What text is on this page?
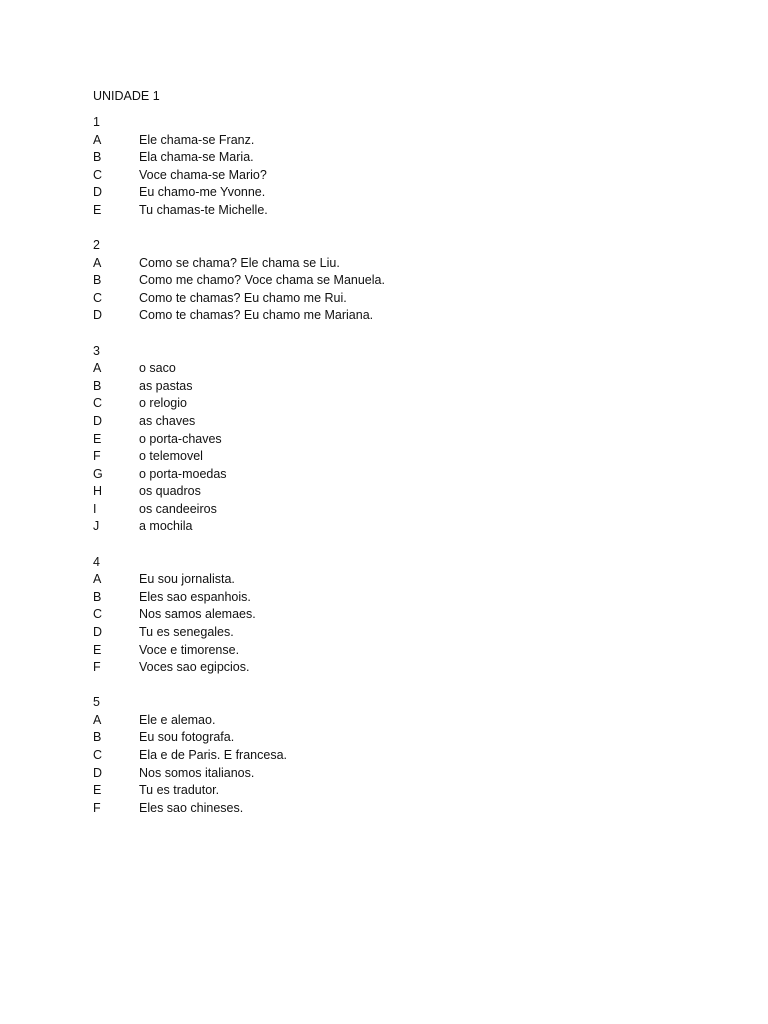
UNIDADE 1
1
A	Ele chama-se Franz.
B	Ela chama-se Maria.
C	Voce chama-se Mario?
D	Eu chamo-me Yvonne.
E	Tu chamas-te Michelle.
2
A	Como se chama? Ele chama se Liu.
B	Como me chamo? Voce chama se Manuela.
C	Como te chamas? Eu chamo me Rui.
D	Como te chamas? Eu chamo me Mariana.
3
A	o saco
B	as pastas
C	o relogio
D	as chaves
E	o porta-chaves
F	o telemovel
G	o porta-moedas
H	os quadros
I	os candeeiros
J	a mochila
4
A	Eu sou jornalista.
B	Eles sao espanhois.
C	Nos samos alemaes.
D	Tu es senegales.
E	Voce e timorense.
F	Voces sao egipcios.
5
A	Ele e alemao.
B	Eu sou fotografa.
C	Ela e de Paris. E francesa.
D	Nos somos italianos.
E	Tu es tradutor.
F	Eles sao chineses.
